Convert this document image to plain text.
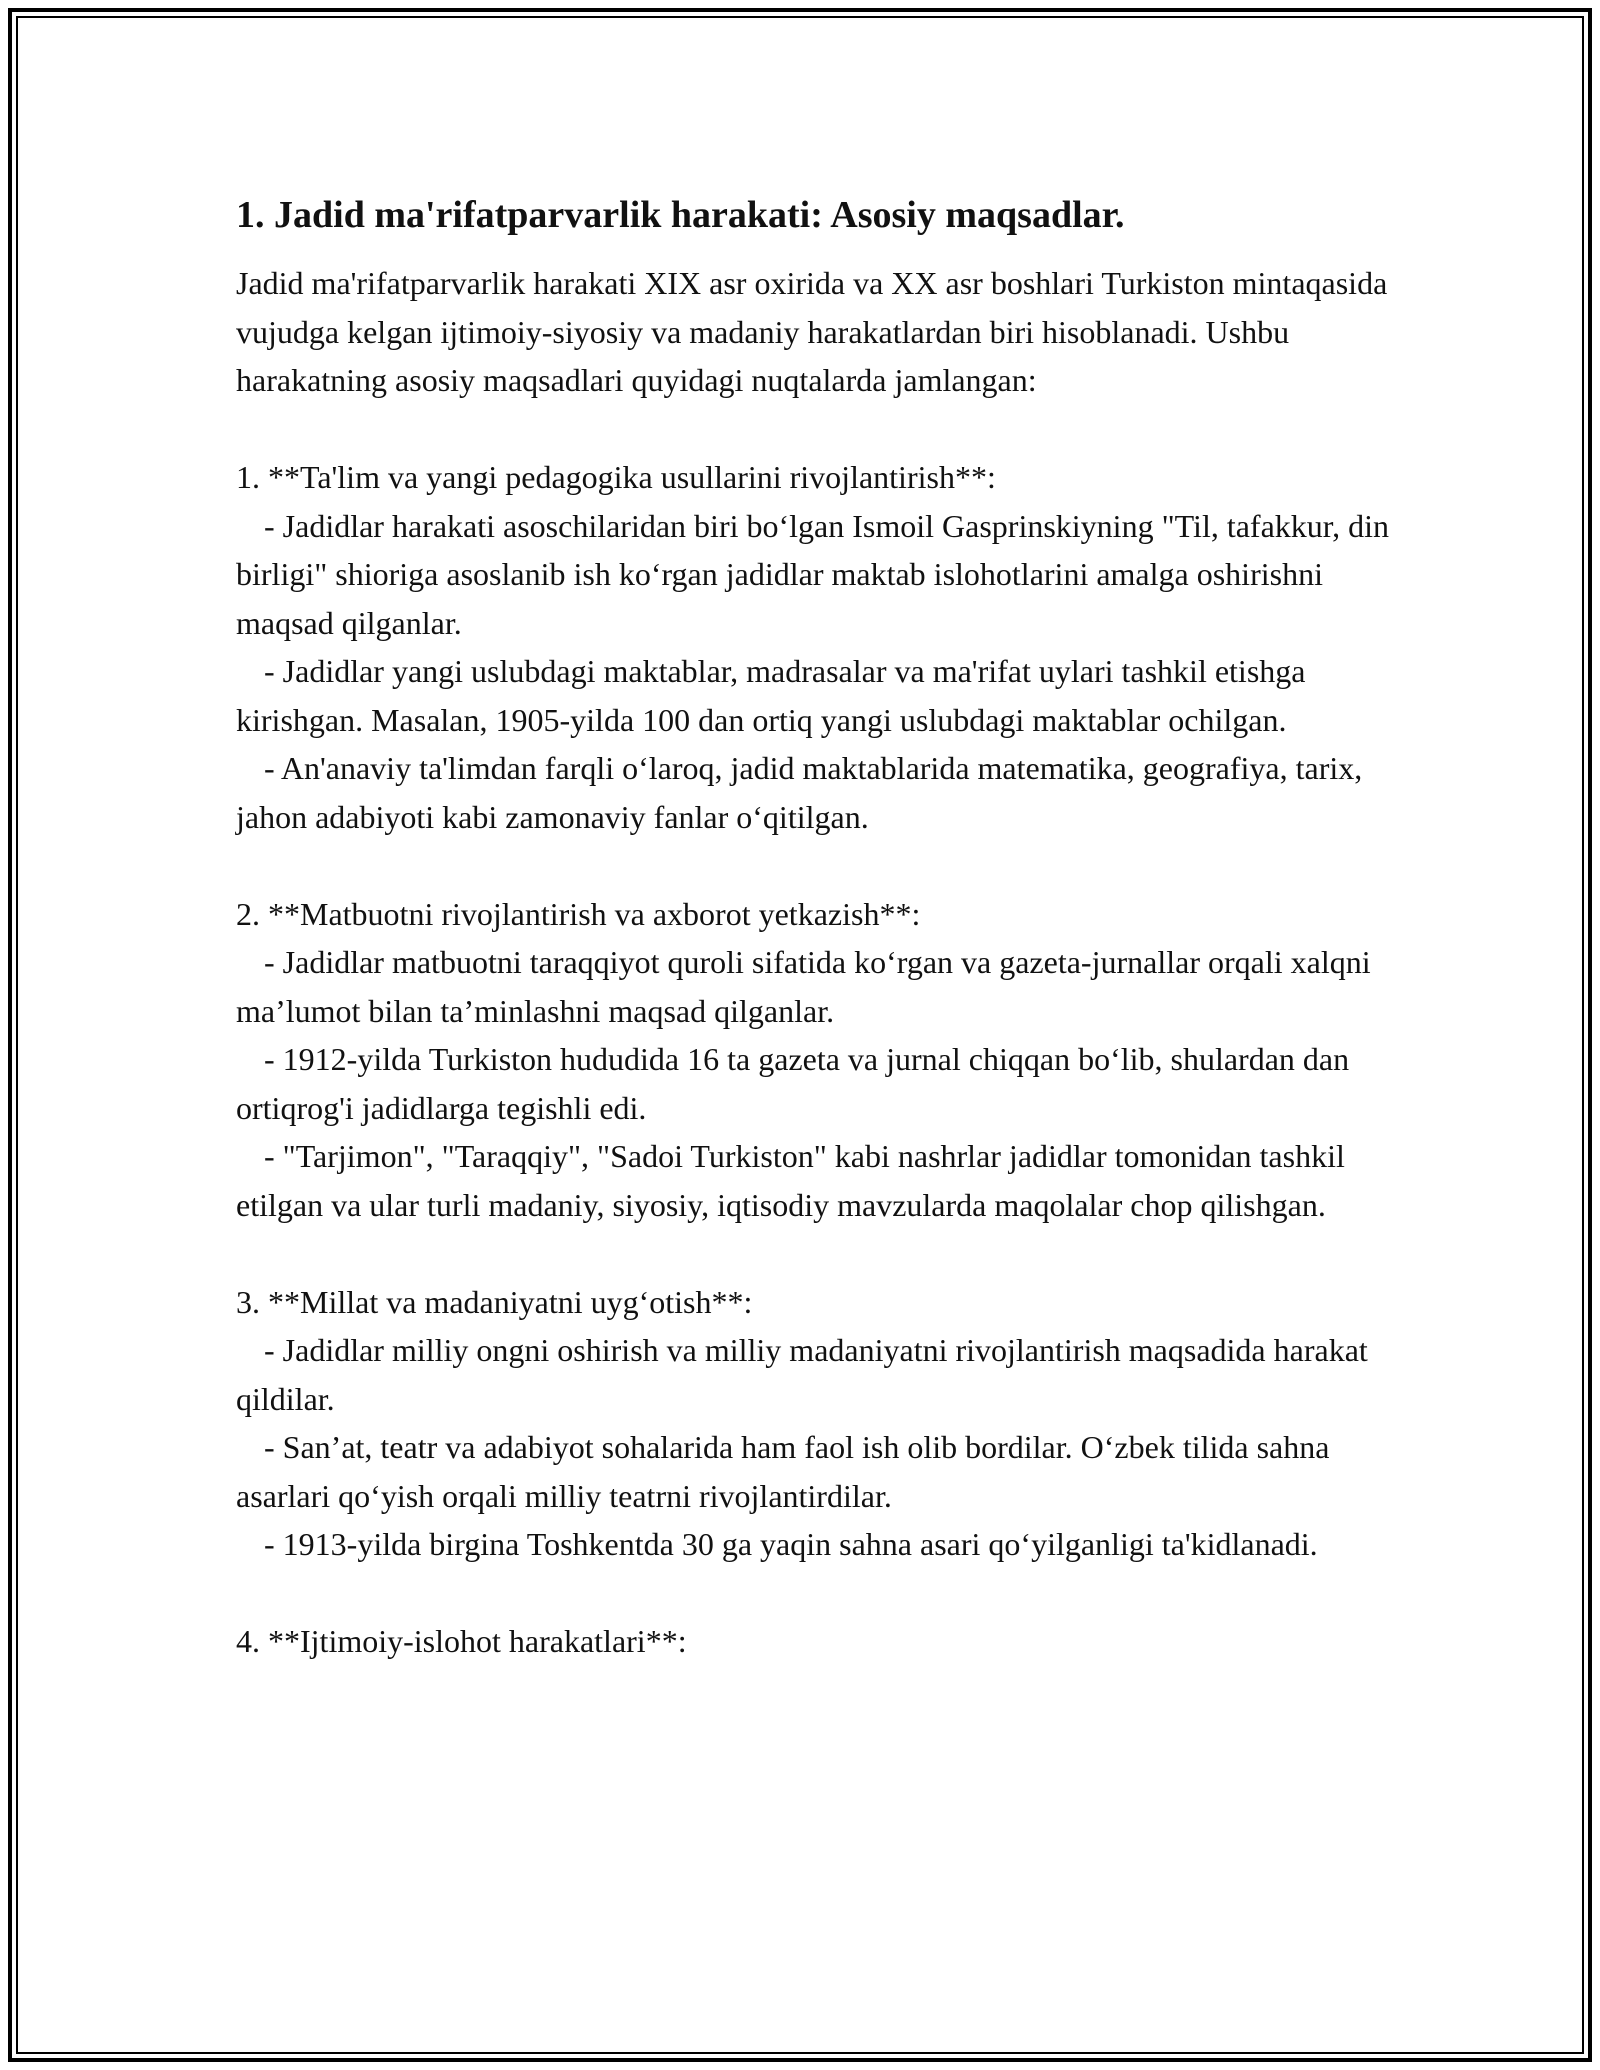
1. Jadid ma'rifatparvarlik harakati: Asosiy maqsadlar.

Jadid ma'rifatparvarlik harakati XIX asr oxirida va XX asr boshlari Turkiston mintaqasida vujudga kelgan ijtimoiy-siyosiy va madaniy harakatlardan biri hisoblanadi. Ushbu harakatning asosiy maqsadlari quyidagi nuqtalarda jamlangan:

1. **Ta'lim va yangi pedagogika usullarini rivojlantirish**:

- Jadidlar harakati asoschilaridan biri bo‘lgan Ismoil Gasprinskiyning "Til, tafakkur, din birligi" shioriga asoslanib ish ko‘rgan jadidlar maktab islohotlarini amalga oshirishni maqsad qilganlar.

- Jadidlar yangi uslubdagi maktablar, madrasalar va ma'rifat uylari tashkil etishga kirishgan. Masalan, 1905-yilda 100 dan ortiq yangi uslubdagi maktablar ochilgan.

- An'anaviy ta'limdan farqli o‘laroq, jadid maktablarida matematika, geografiya, tarix, jahon adabiyoti kabi zamonaviy fanlar o‘qitilgan.

2. **Matbuotni rivojlantirish va axborot yetkazish**:

- Jadidlar matbuotni taraqqiyot quroli sifatida ko‘rgan va gazeta-jurnallar orqali xalqni ma’lumot bilan ta’minlashni maqsad qilganlar.

- 1912-yilda Turkiston hududida 16 ta gazeta va jurnal chiqqan bo‘lib, shulardan dan ortiqrog'i jadidlarga tegishli edi.

- "Tarjimon", "Taraqqiy", "Sadoi Turkiston" kabi nashrlar jadidlar tomonidan tashkil etilgan va ular turli madaniy, siyosiy, iqtisodiy mavzularda maqolalar chop qilishgan.

3. **Millat va madaniyatni uyg‘otish**:

- Jadidlar milliy ongni oshirish va milliy madaniyatni rivojlantirish maqsadida harakat qildilar.

- San’at, teatr va adabiyot sohalarida ham faol ish olib bordilar. O‘zbek tilida sahna asarlari qo‘yish orqali milliy teatrni rivojlantirdilar.

- 1913-yilda birgina Toshkentda 30 ga yaqin sahna asari qo‘yilganligi ta'kidlanadi.

4. **Ijtimoiy-islohot harakatlari**:
